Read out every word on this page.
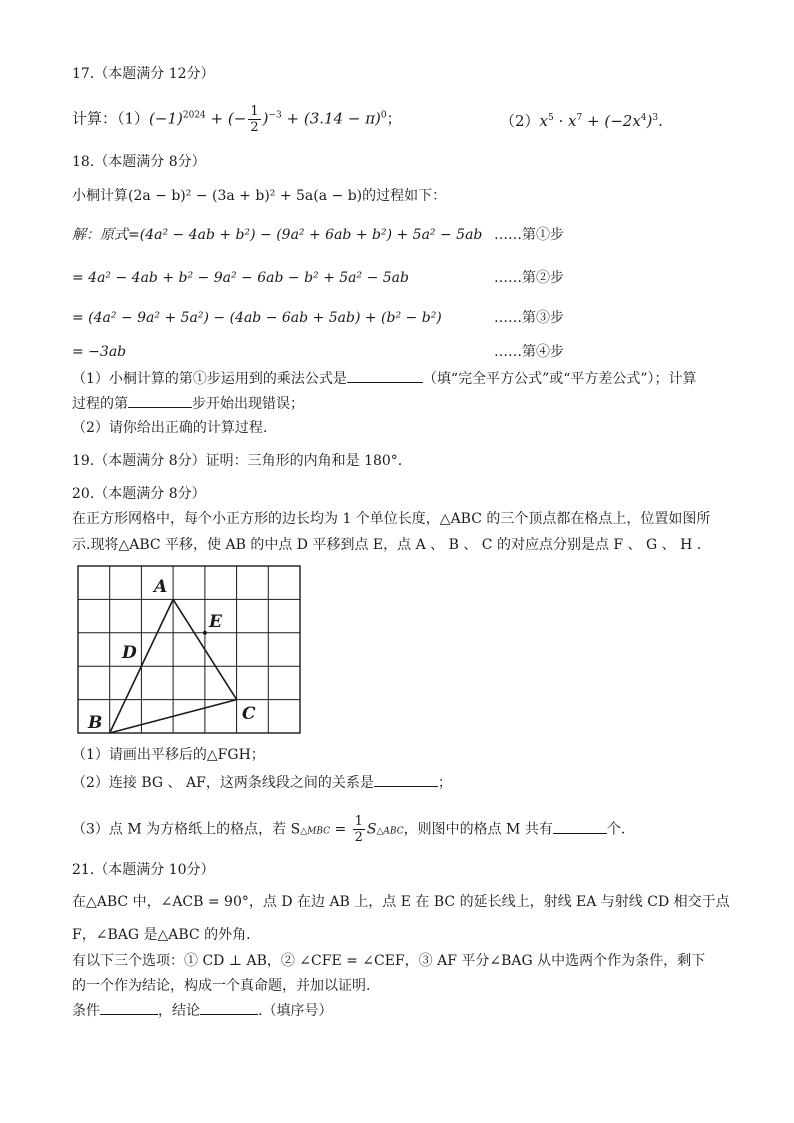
17.（本题满分 12分）
计算：$(1)(-1)^{2024}$ + (− $\frac{1}{2} )^{-3} + (3.14 - \pi)^0$；	$(2)x^5 \cdot x^7 + (-2x^4)^3$.
18.（本题满分 8分）
小桐计算(2a − b)² − (3a + b)² + 5a(a − b)的过程如下：
解：原式=(4a² − 4ab + b²) − (9a² + 6ab + b²) + 5a² − 5ab ……第①步
= 4a² − 4ab + b² − 9a² − 6ab − b² + 5a² − 5ab	……第②步
= (4a² − 9a² + 5a²) − (4ab − 6ab + 5ab) + (b² − b²)	……第③步
= −3ab	……第④步
（1）小桐计算的第①步运用到的乘法公式是	（填“完全平方公式”或“平方差公式”）；计算
过程的第	步开始出现错误；
（2）请你给出正确的计算过程.
19.（本题满分 8分）证明：三角形的内角和是 180°.
20.（本题满分 8分）
在正方形网格中，每个小正方形的边长均为 1 个单位长度，△ABC 的三个顶点都在格点上，位置如图所
示.现将△ABC 平移，使 AB 的中点 D 平移到点 E，点 A 、 B 、 C 的对应点分别是点 F 、 G 、 H .
A
E
D
C
B
（1）请画出平移后的△FGH；
（2）连接 BG 、 AF，这两条线段之间的关系是	；
（3）点 M 为方格纸上的格点，若 S△MBC = $\frac{1}{2}$ S△ABC，则图中的格点 M 共有	个.
21.（本题满分 10分）
在△ABC 中，∠ACB = 90°，点 D 在边 AB 上，点 E 在 BC 的延长线上，射线 EA 与射线 CD 相交于点
F，∠BAG 是△ABC 的外角.
有以下三个选项：① CD ⊥ AB，② ∠CFE = ∠CEF，③ AF 平分∠BAG 从中选两个作为条件，剩下
的一个作为结论，构成一个真命题，并加以证明.
条件	，结论	.（填序号）
